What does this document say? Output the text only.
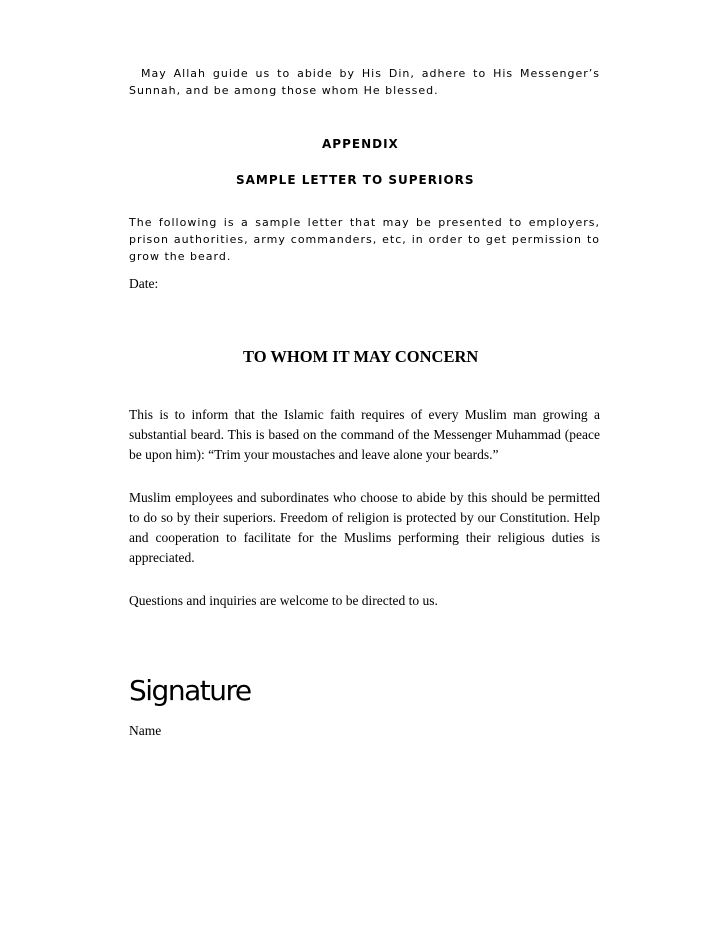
May Allah guide us to abide by His Din, adhere to His Messenger’s Sunnah, and be among those whom He blessed.

APPENDIX

SAMPLE LETTER TO SUPERIORS

The following is a sample letter that may be presented to employers, prison authorities, army commanders, etc, in order to get permission to grow the beard.

Date:

TO WHOM IT MAY CONCERN

This is to inform that the Islamic faith requires of every Muslim man growing a substantial beard. This is based on the command of the Messenger Muhammad (peace be upon him): “Trim your moustaches and leave alone your beards.”

Muslim employees and subordinates who choose to abide by this should be permitted to do so by their superiors. Freedom of religion is protected by our Constitution. Help and cooperation to facilitate for the Muslims performing their religious duties is appreciated.

Questions and inquiries are welcome to be directed to us.

Signature

Name
